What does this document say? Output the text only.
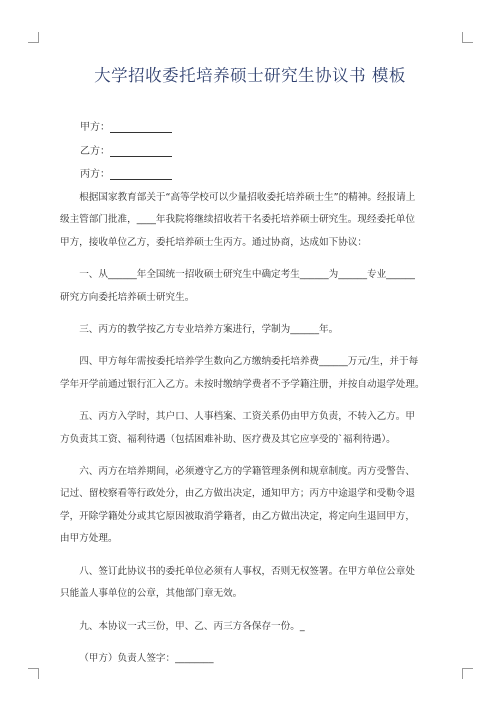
大学招收委托培养硕士研究生协议书 模板
甲方：
乙方：
丙方：

根据国家教育部关于“高等学校可以少量招收委托培养硕士生”的精神。经报请上

级主管部门批准，____年我院将继续招收若干名委托培养硕士研究生。现经委托单位

甲方，接收单位乙方，委托培养硕士生丙方。通过协商，达成如下协议：

一、从______年全国统一招收硕士研究生中确定考生______为______专业______

研究方向委托培养硕士研究生。

三、丙方的教学按乙方专业培养方案进行，学制为______年。

四、甲方每年需按委托培养学生数向乙方缴纳委托培养费______万元/生，并于每

学年开学前通过银行汇入乙方。未按时缴纳学费者不予学籍注册，并按自动退学处理。

五、丙方入学时，其户口、人事档案、工资关系仍由甲方负责，不转入乙方。甲

方负责其工资、福利待遇（包括困难补助、医疗费及其它应享受的`福利待遇）。

六、丙方在培养期间，必须遵守乙方的学籍管理条例和规章制度。丙方受警告、

记过、留校察看等行政处分，由乙方做出决定，通知甲方；丙方中途退学和受勒令退

学，开除学籍处分或其它原因被取消学籍者，由乙方做出决定，将定向生退回甲方，

由甲方处理。

八、签订此协议书的委托单位必须有人事权，否则无权签署。在甲方单位公章处

只能盖人事单位的公章，其他部门章无效。

九、本协议一式三份，甲、乙、丙三方各保存一份。_

（甲方）负责人签字：________
